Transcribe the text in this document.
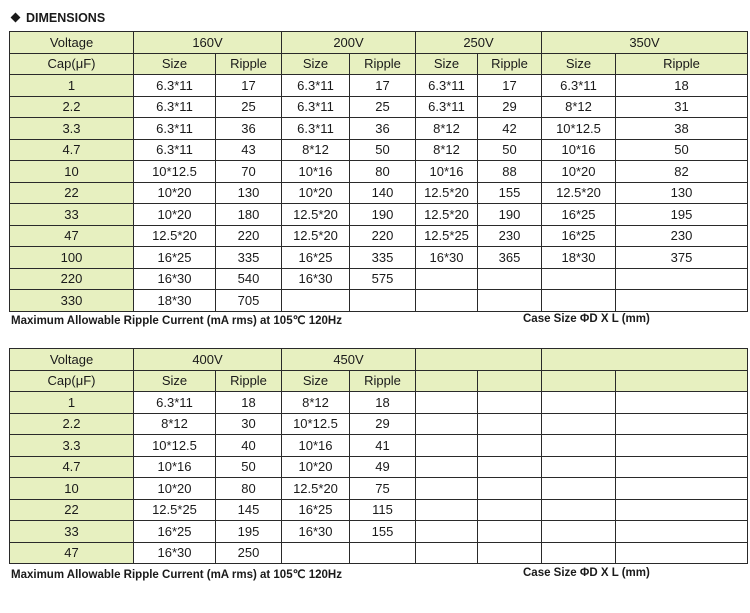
DIMENSIONS
Voltage	160V		200V		250V		350V	
Cap(μF)	Size	Ripple	Size	Ripple	Size	Ripple	Size	Ripple
1	6.3*11	17	6.3*11	17	6.3*11	17	6.3*11	18
2.2	6.3*11	25	6.3*11	25	6.3*11	29	8*12	31
3.3	6.3*11	36	6.3*11	36	8*12	42	10*12.5	38
4.7	6.3*11	43	8*12	50	8*12	50	10*16	50
10	10*12.5	70	10*16	80	10*16	88	10*20	82
22	10*20	130	10*20	140	12.5*20	155	12.5*20	130
33	10*20	180	12.5*20	190	12.5*20	190	16*25	195
47	12.5*20	220	12.5*20	220	12.5*25	230	16*25	230
100	16*25	335	16*25	335	16*30	365	18*30	375
220	16*30	540	16*30	575				
330	18*30	705						
Maximum Allowable Ripple Current (mA rms) at 105℃ 120Hz	Case Size ΦD X L (mm)
Voltage	400V		450V					
Cap(μF)	Size	Ripple	Size	Ripple				
1	6.3*11	18	8*12	18				
2.2	8*12	30	10*12.5	29				
3.3	10*12.5	40	10*16	41				
4.7	10*16	50	10*20	49				
10	10*20	80	12.5*20	75				
22	12.5*25	145	16*25	115				
33	16*25	195	16*30	155				
47	16*30	250						
Maximum Allowable Ripple Current (mA rms) at 105℃ 120Hz	Case Size ΦD X L (mm)
